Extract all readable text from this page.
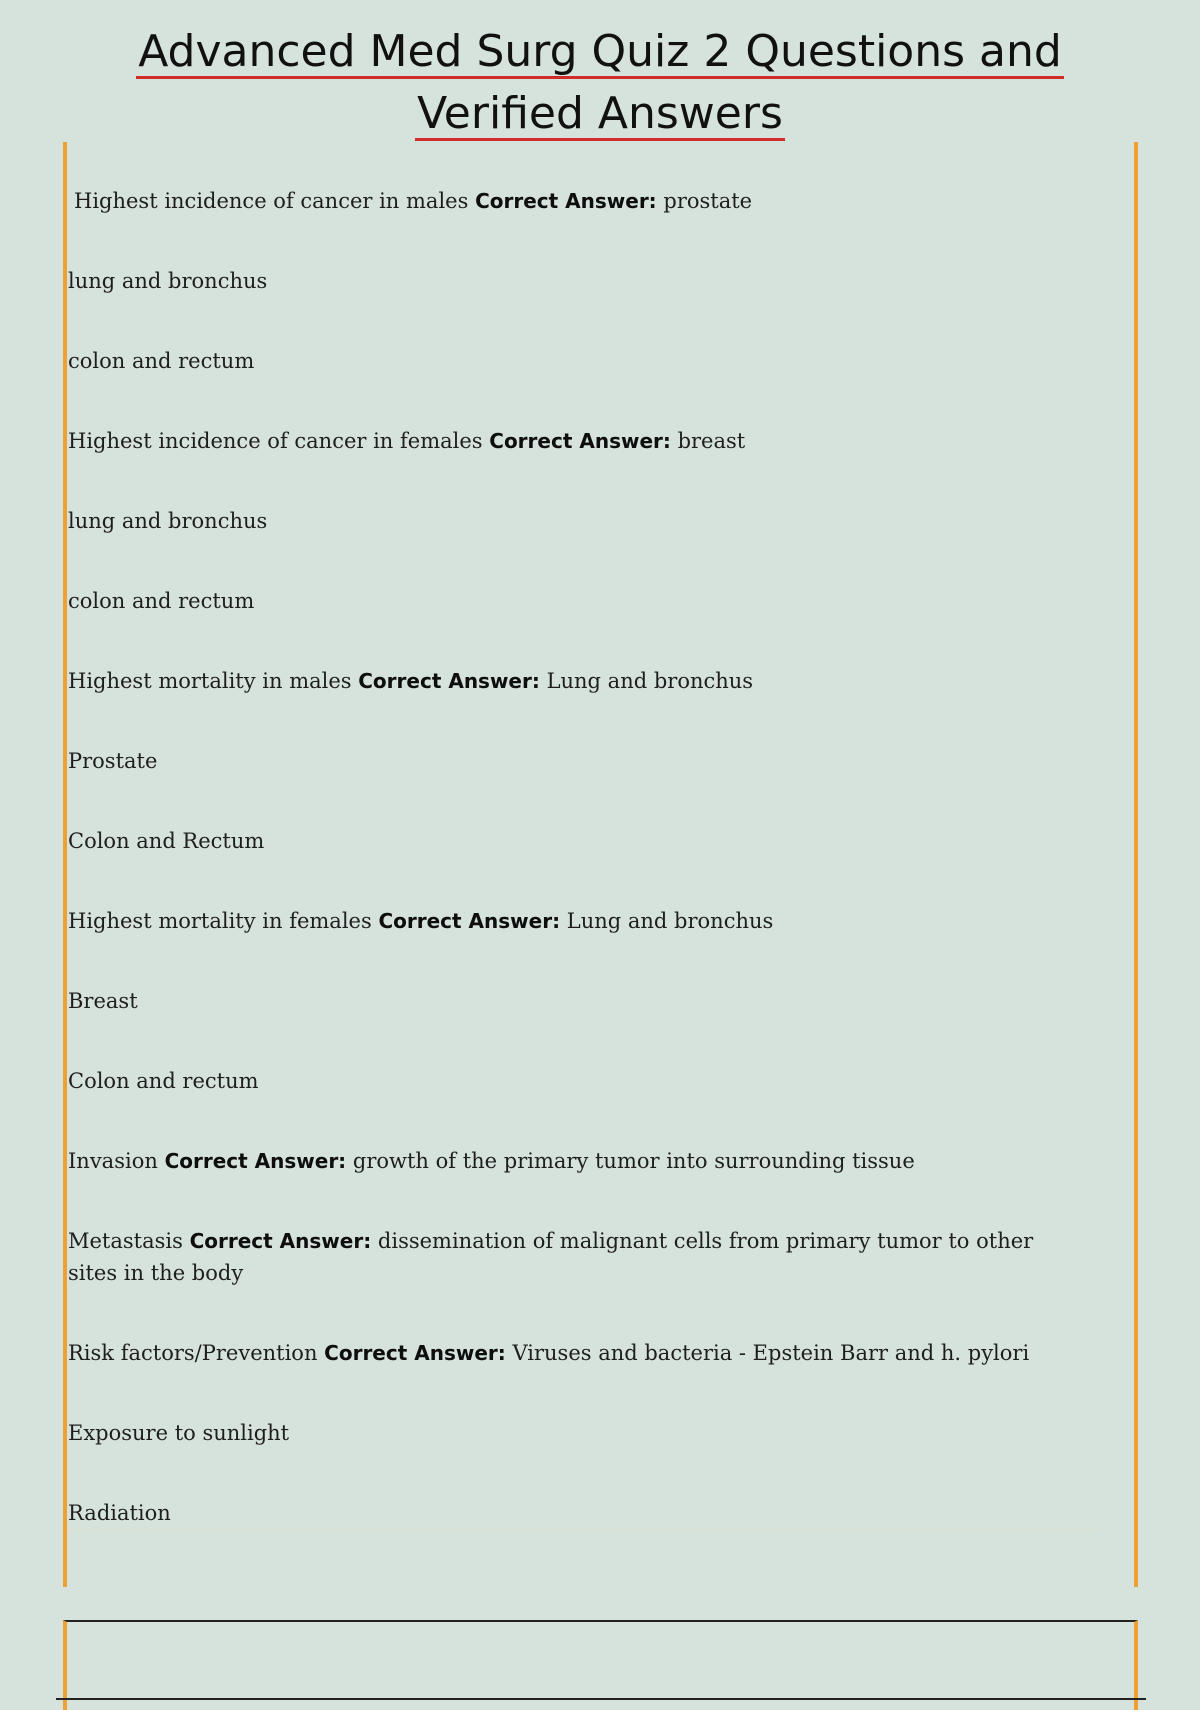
Advanced Med Surg Quiz 2 Questions and
Verified Answers
Highest incidence of cancer in males Correct Answer: prostate
lung and bronchus
colon and rectum
Highest incidence of cancer in females Correct Answer: breast
lung and bronchus
colon and rectum
Highest mortality in males Correct Answer: Lung and bronchus
Prostate
Colon and Rectum
Highest mortality in females Correct Answer: Lung and bronchus
Breast
Colon and rectum
Invasion Correct Answer: growth of the primary tumor into surrounding tissue
Metastasis Correct Answer: dissemination of malignant cells from primary tumor to other sites in the body
Risk factors/Prevention Correct Answer: Viruses and bacteria - Epstein Barr and h. pylori
Exposure to sunlight
Radiation
